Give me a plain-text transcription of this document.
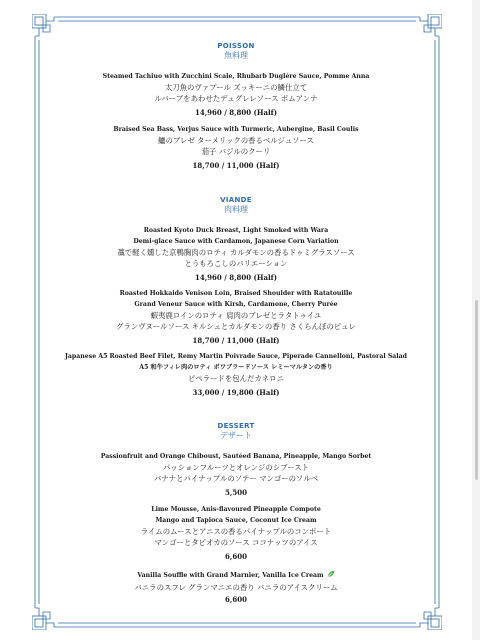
POISSON
魚料理
Steamed Tachiuo with Zucchini Scale, Rhubarb Duglére Sauce, Pomme Anna
太刀魚のヴァプール ズッキーニの鱗仕立て
ルバーブをあわせたデュグレレソース ポムアンナ
14,960 / 8,800 (Half)
Braised Sea Bass, Verjus Sauce with Turmeric, Aubergine, Basil Coulis
鱸のブレゼ ターメリックの香るベルジュソース
茄子 バジルのクーリ
18,700 / 11,000 (Half)
VIANDE
肉料理
Roasted Kyoto Duck Breast, Light Smoked with Wara
Demi-glace Sauce with Cardamon, Japanese Corn Variation
藁で軽く燻した京鴨胸肉のロティ カルダモンの香るドゥミグラスソース
とうもろこしのバリエーション
14,960 / 8,800 (Half)
Roasted Hokkaido Venison Loin, Braised Shoulder with Ratatouille
Grand Veneur Sauce with Kirsh, Cardamone, Cherry Purée
蝦夷鹿ロインのロティ 肩肉のブレゼとラタトゥイユ
グランヴヌールソース キルシュとカルダモンの香り さくらんぼのピュレ
18,700 / 11,000 (Half)
Japanese A5 Roasted Beef Filet, Remy Martin Poivrade Sauce, Piperade Cannelloni, Pastoral Salad
A5 和牛フィレ肉のロティ ポワブラードソース レミーマルタンの香り
ピペラードを包んだカネロニ
33,000 / 19,800 (Half)
DESSERT
デザート
Passionfruit and Orange Chiboust, Sautéed Banana, Pineapple, Mango Sorbet
パッションフルーツとオレンジのシブースト
バナナとパイナップルのソテー マンゴーのソルベ
5,500
Lime Mousse, Anis-flavoured Pineapple Compote
Mango and Tapioca Sauce, Coconut Ice Cream
ライムのムースとアニスの香るパイナップルのコンポート
マンゴーとタピオカのソース ココナッツのアイス
6,600
Vanilla Souffle with Grand Marnier, Vanilla Ice Cream
バニラのスフレ グランマニエの香り バニラのアイスクリーム
6,600
